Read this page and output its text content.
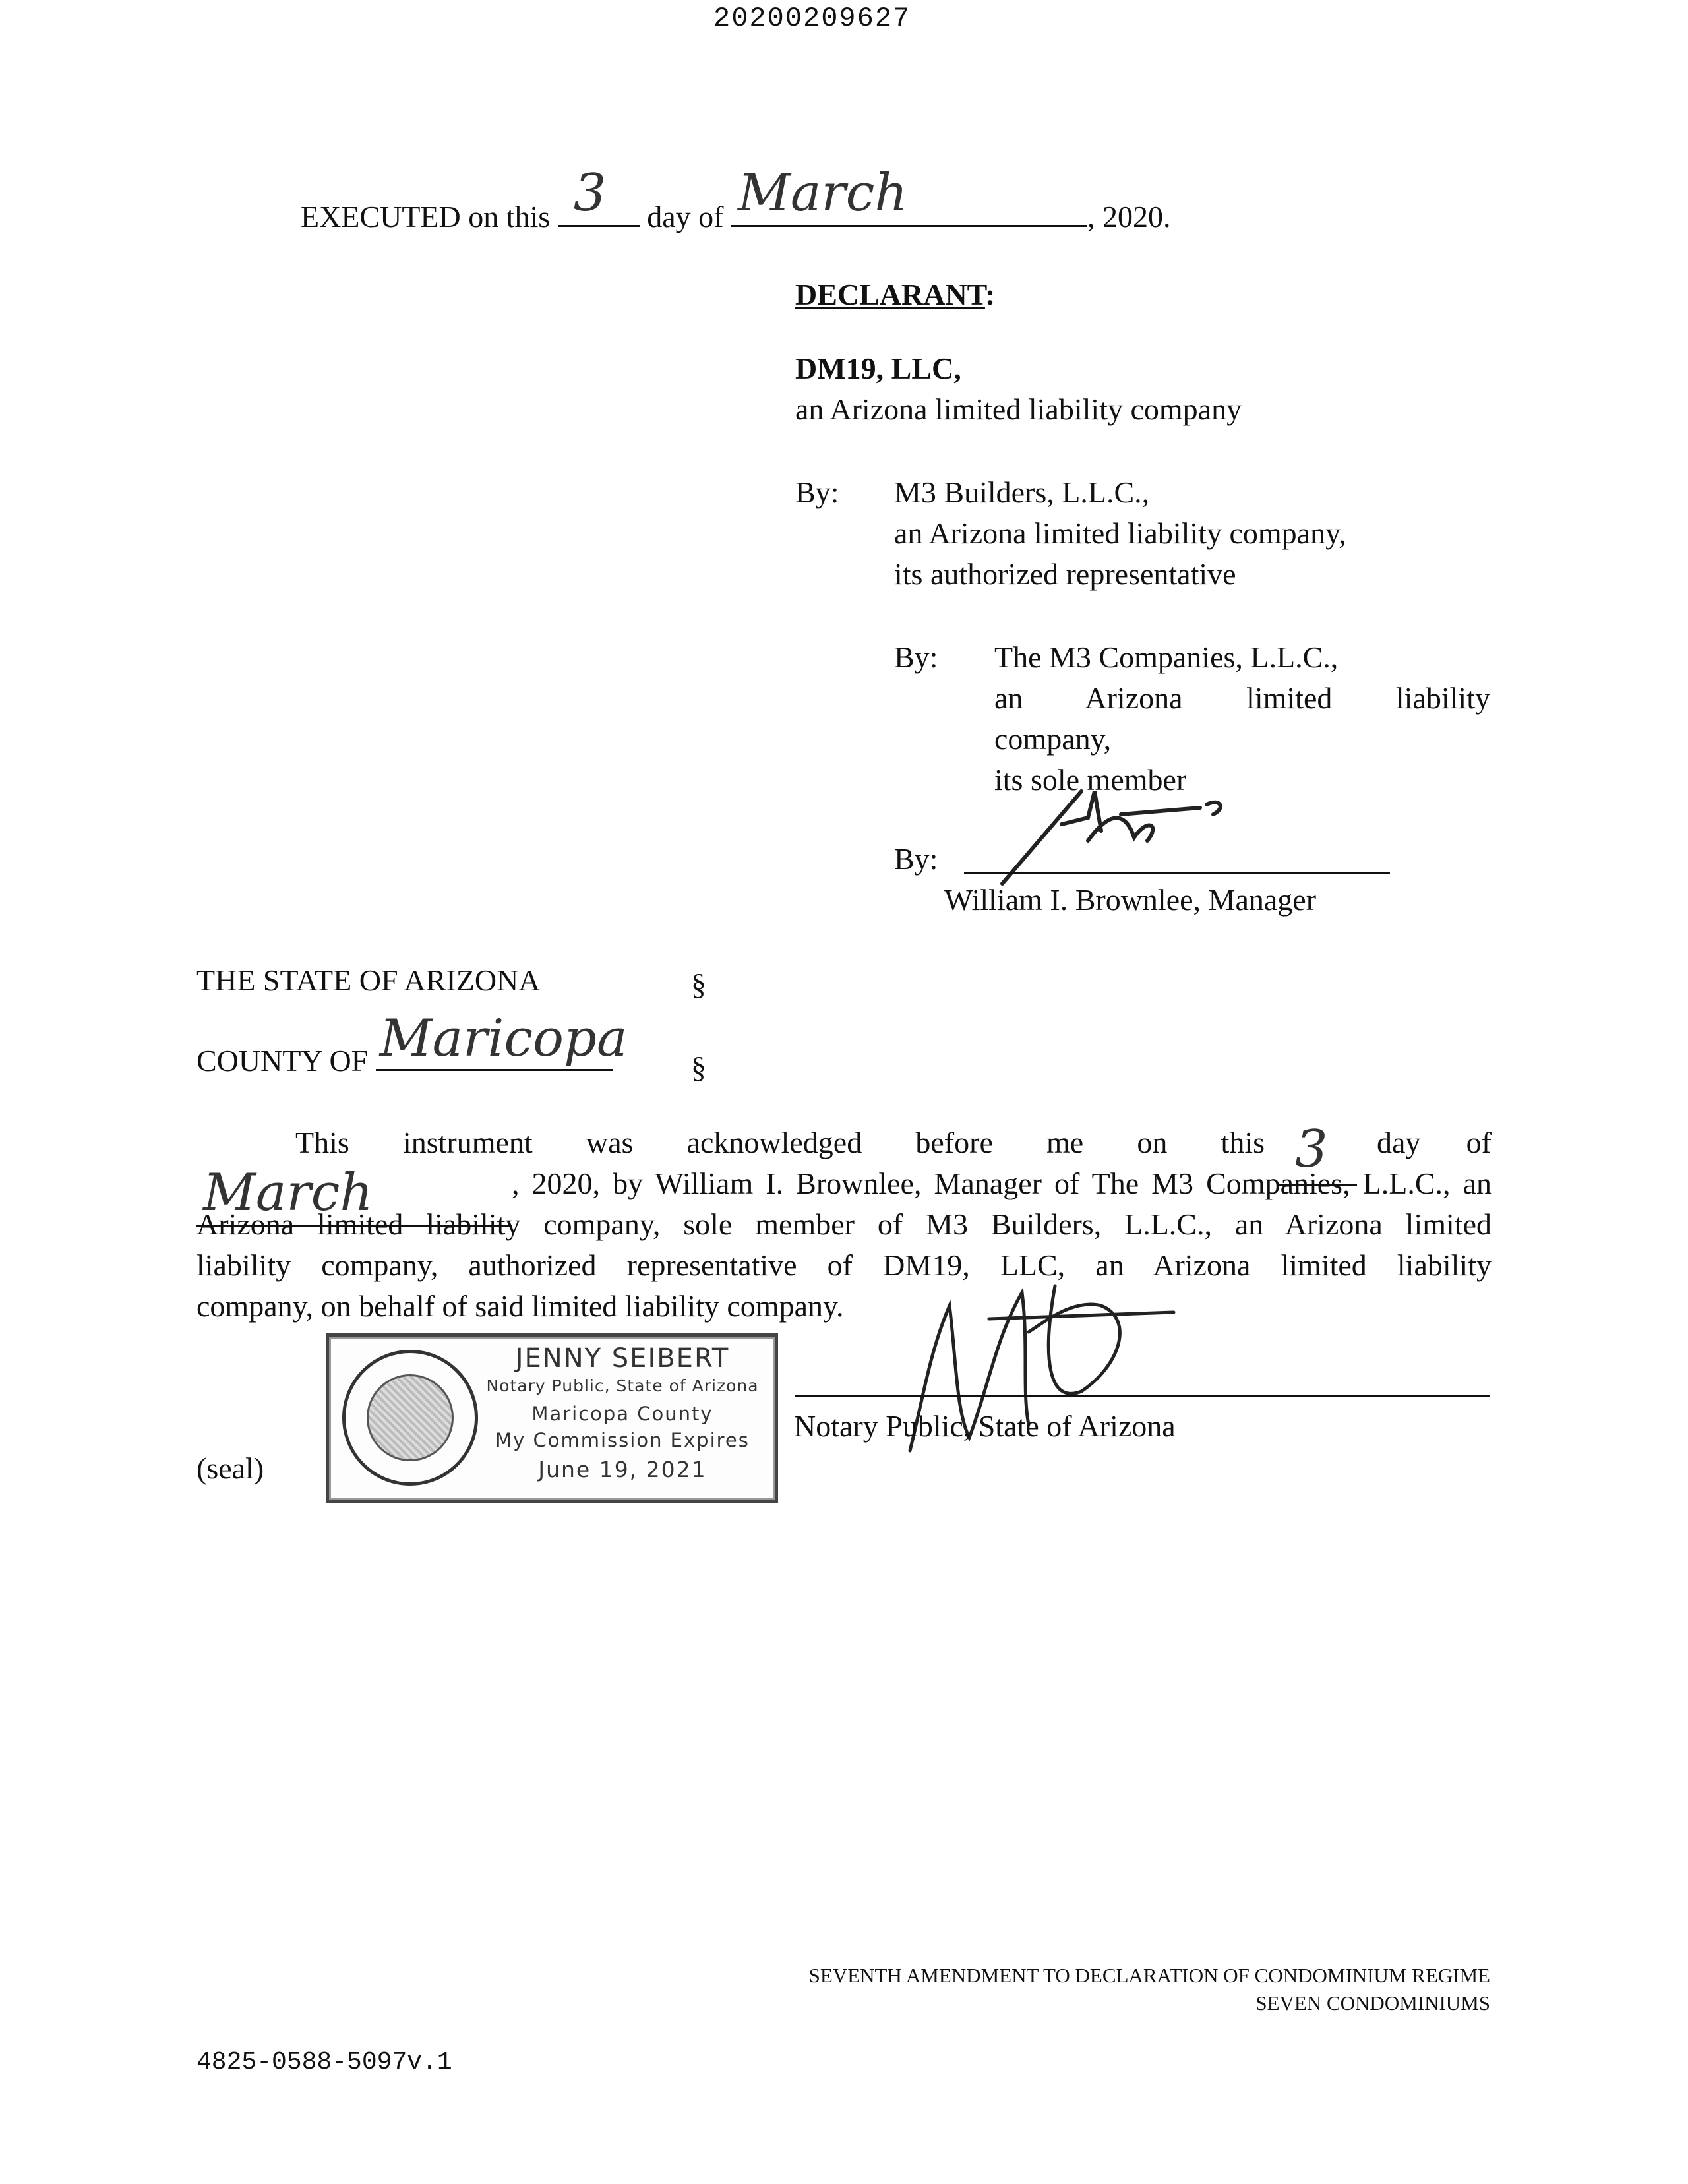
20200209627
EXECUTED on this 3 day of March	, 2020.
DECLARANT:
DM19, LLC,
an Arizona limited liability company
By: M3 Builders, L.L.C.,
an Arizona limited liability company,
its authorized representative
By: The M3 Companies, L.L.C.,
an Arizona limited liability
company,
its sole member
By:
William I. Brownlee, Manager
THE STATE OF ARIZONA	§
COUNTY OF Maricopa §
This instrument was acknowledged before me on this 3 day of
March	, 2020, by William I. Brownlee, Manager of The M3 Companies, L.L.C., an
Arizona limited liability company, sole member of M3 Builders, L.L.C., an Arizona limited
liability company, authorized representative of DM19, LLC, an Arizona limited liability
company, on behalf of said limited liability company.
JENNY SEIBERT
Notary Public, State of Arizona
Maricopa County
My Commission Expires
June 19, 2021
Notary Public, State of Arizona
(seal)
SEVENTH AMENDMENT TO DECLARATION OF CONDOMINIUM REGIME
SEVEN CONDOMINIUMS
4825-0588-5097v.1
